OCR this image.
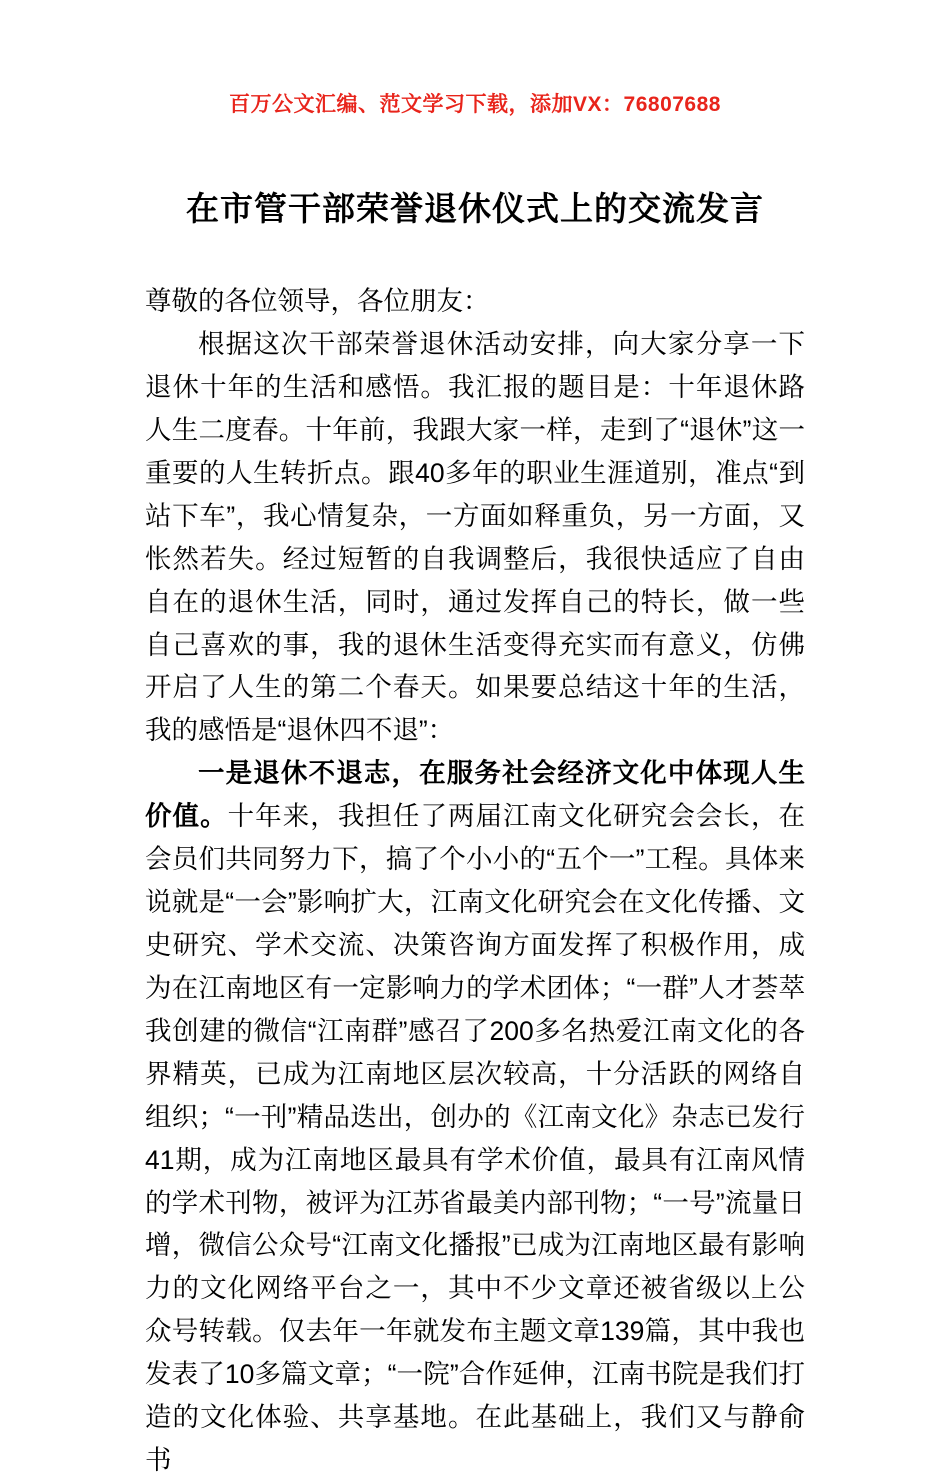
百万公文汇编、范文学习下载，添加VX：76807688
在市管干部荣誉退休仪式上的交流发言

尊敬的各位领导，各位朋友：

根据这次干部荣誉退休活动安排，向大家分享一下退休十年的生活和感悟。我汇报的题目是：十年退休路人生二度春。十年前，我跟大家一样，走到了“退休”这一重要的人生转折点。跟40多年的职业生涯道别，准点“到站下车”，我心情复杂，一方面如释重负，另一方面，又怅然若失。经过短暂的自我调整后，我很快适应了自由自在的退休生活，同时，通过发挥自己的特长，做一些自己喜欢的事，我的退休生活变得充实而有意义，仿佛开启了人生的第二个春天。如果要总结这十年的生活，我的感悟是“退休四不退”：

一是退休不退志，在服务社会经济文化中体现人生价值。十年来，我担任了两届江南文化研究会会长，在会员们共同努力下，搞了个小小的“五个一”工程。具体来说就是“一会”影响扩大，江南文化研究会在文化传播、文史研究、学术交流、决策咨询方面发挥了积极作用，成为在江南地区有一定影响力的学术团体；“一群”人才荟萃我创建的微信“江南群”感召了200多名热爱江南文化的各界精英，已成为江南地区层次较高，十分活跃的网络自组织；“一刊”精品迭出，创办的《江南文化》杂志已发行41期，成为江南地区最具有学术价值，最具有江南风情的学术刊物，被评为江苏省最美内部刊物；“一号”流量日增，微信公众号“江南文化播报”已成为江南地区最有影响力的文化网络平台之一，其中不少文章还被省级以上公众号转载。仅去年一年就发布主题文章139篇，其中我也发表了10多篇文章；“一院”合作延伸，江南书院是我们打造的文化体验、共享基地。在此基础上，我们又与静俞书
